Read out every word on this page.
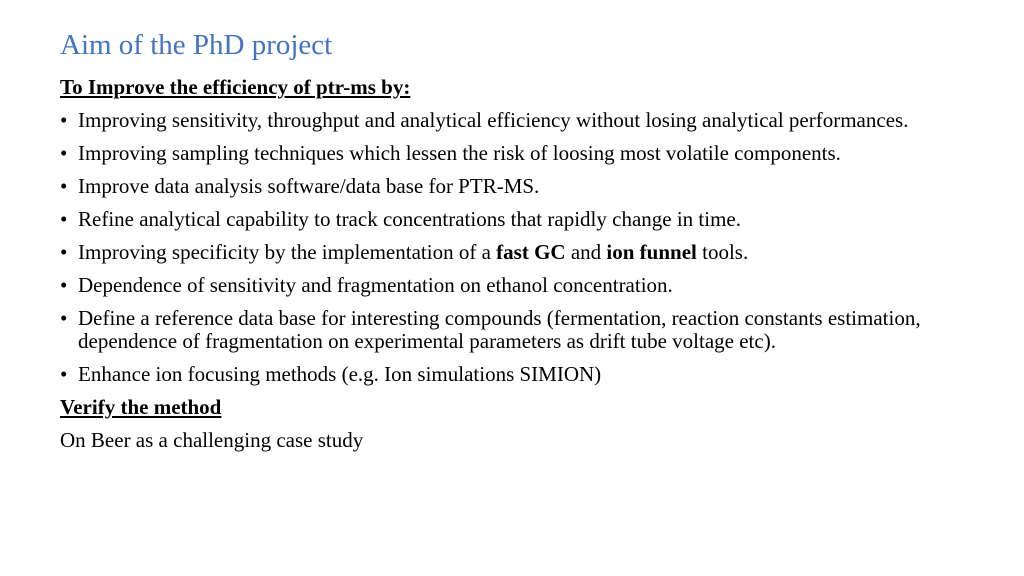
Aim of the PhD project
To Improve the efficiency of ptr-ms by:
• Improving sensitivity, throughput and analytical efficiency without losing analytical performances.
• Improving sampling techniques which lessen the risk of loosing most volatile components.
• Improve data analysis software/data base for PTR-MS.
• Refine analytical capability to track concentrations that rapidly change in time.
• Improving specificity by the implementation of a fast GC and ion funnel tools.
• Dependence of sensitivity and fragmentation on ethanol concentration.
• Define a reference data base for interesting compounds (fermentation, reaction constants estimation, dependence of fragmentation on experimental parameters as drift tube voltage etc).
• Enhance ion focusing methods (e.g. Ion simulations SIMION)
Verify the method
On Beer as a challenging case study
